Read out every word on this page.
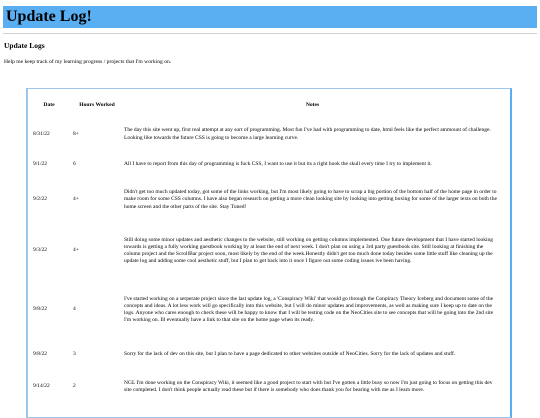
Update Log!
Update Logs
Help me keep track of my learning progress / projects that I'm working on.
Date	Hours Worked	Notes
8/31/22	8+	The day this site went up, first real attempt at any sort of programming. Most fun I've had with programming to date, html feels like the perfect ammount of challenge. Looking like towards the future CSS is going to become a large learning curve.
9/1/22	6	All I have to report from this day of programming is fuck CSS, I want to use it but its a right hook the skull every time I try to implement it.
9/2/22	4+	Didn't get too much updated today, got some of the links working, but I'm most likely going to have to scrap a big portion of the bottom half of the home page in order to make room for some CSS columns. I have also began research on getting a more clean looking site by looking into getting boxing for some of the larger texts on both the home screen and the other parts of the site. Stay Tuned!
9/3/22	4+	Still doing some minor updates and aesthetic changes to the website, still working on getting columns implemented. One future development that I have started looking towards is getting a fully working guestbook working by at least the end of next week. I don't plan on using a 3rd party guestbook site. Still looking at finishing the column project and the ScrollBar project soon, most likely by the end of the week.Honestly didn't get too much done today besides some little stuff like cleaning up the update log and adding some cool aesthetic stuff, but I plan to get back into it once I figure out some coding issues ive been having.
9/8/22	4	I've started working on a serperate project since the last update log, a 'Conspiracy Wiki' that would go through the Conpiracy Theory Iceberg and document some of the concepts and ideas. A lot less work will go specifically into this website, but I will do minor updates and improvements, as well as making sure I keep up to date on the logs. Anyone who cares enough to check these will be happy to know that I will be testing code on the NeoCities site to see concepts that will be going into the 2nd site I'm working on. Ill eventually have a link to that site on the home page when its ready.
9/8/22	3	Sorry for the lack of dev on this site, but I plan to have a page dedicated to other websites outside of NeoCities. Sorry for the lack of updates and stuff.
9/14/22	2	NGL I'm done working on the Conspiracy Wiki, it seemed like a good project to start with but I've gotten a little busy so now I'm just going to focus on getting this dev site completed. I don't think people actually read these but if there is somebody who does thank you for bearing with me as I learn more.
